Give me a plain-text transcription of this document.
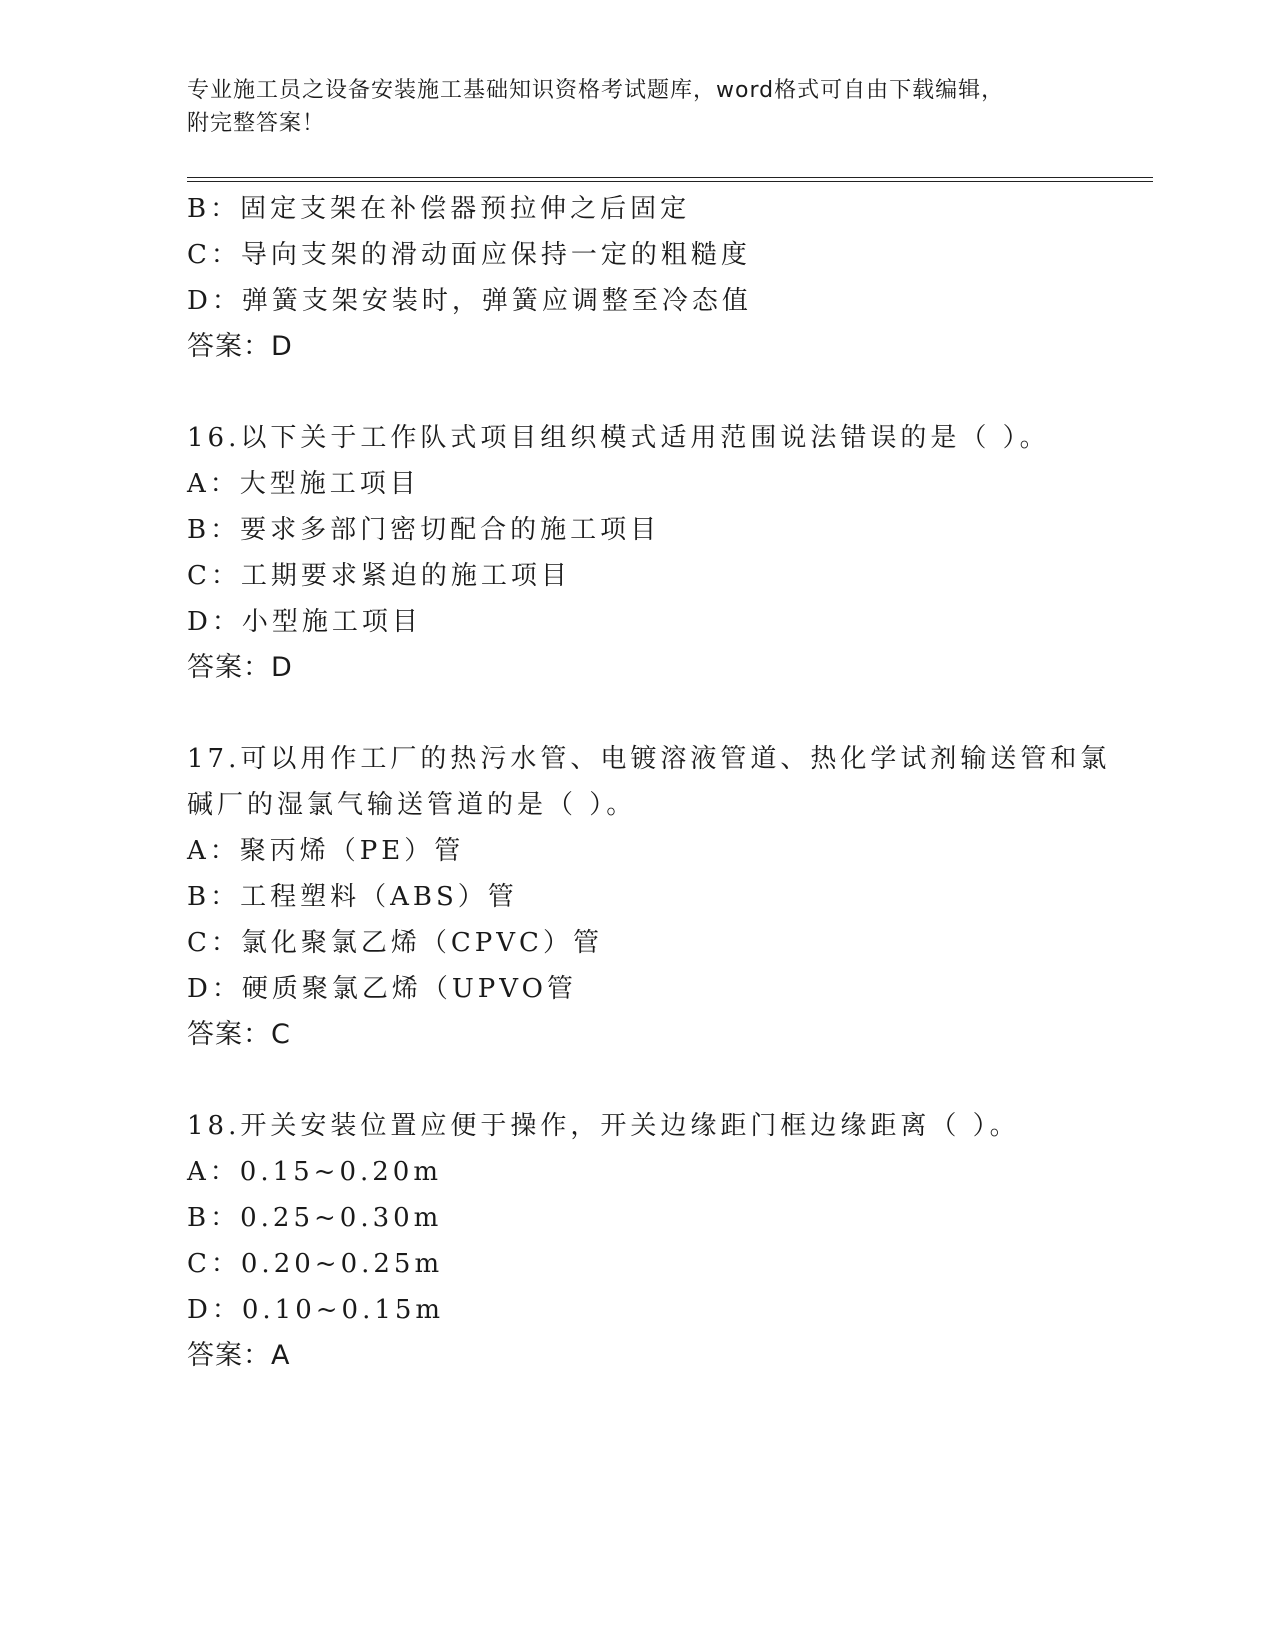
专业施工员之设备安装施工基础知识资格考试题库，word格式可自由下载编辑，
附完整答案！
B：固定支架在补偿器预拉伸之后固定
C：导向支架的滑动面应保持一定的粗糙度
D：弹簧支架安装时，弹簧应调整至冷态值
答案：D
16.以下关于工作队式项目组织模式适用范围说法错误的是（ ）。
A：大型施工项目
B：要求多部门密切配合的施工项目
C：工期要求紧迫的施工项目
D：小型施工项目
答案：D
17.可以用作工厂的热污水管、电镀溶液管道、热化学试剂输送管和氯
碱厂的湿氯气输送管道的是（ ）。
A：聚丙烯（PE）管
B：工程塑料（ABS）管
C：氯化聚氯乙烯（CPVC）管
D：硬质聚氯乙烯（UPVO管
答案：C
18.开关安装位置应便于操作，开关边缘距门框边缘距离（ ）。
A：0.15~0.20m
B：0.25~0.30m
C：0.20~0.25m
D：0.10~0.15m
答案：A
